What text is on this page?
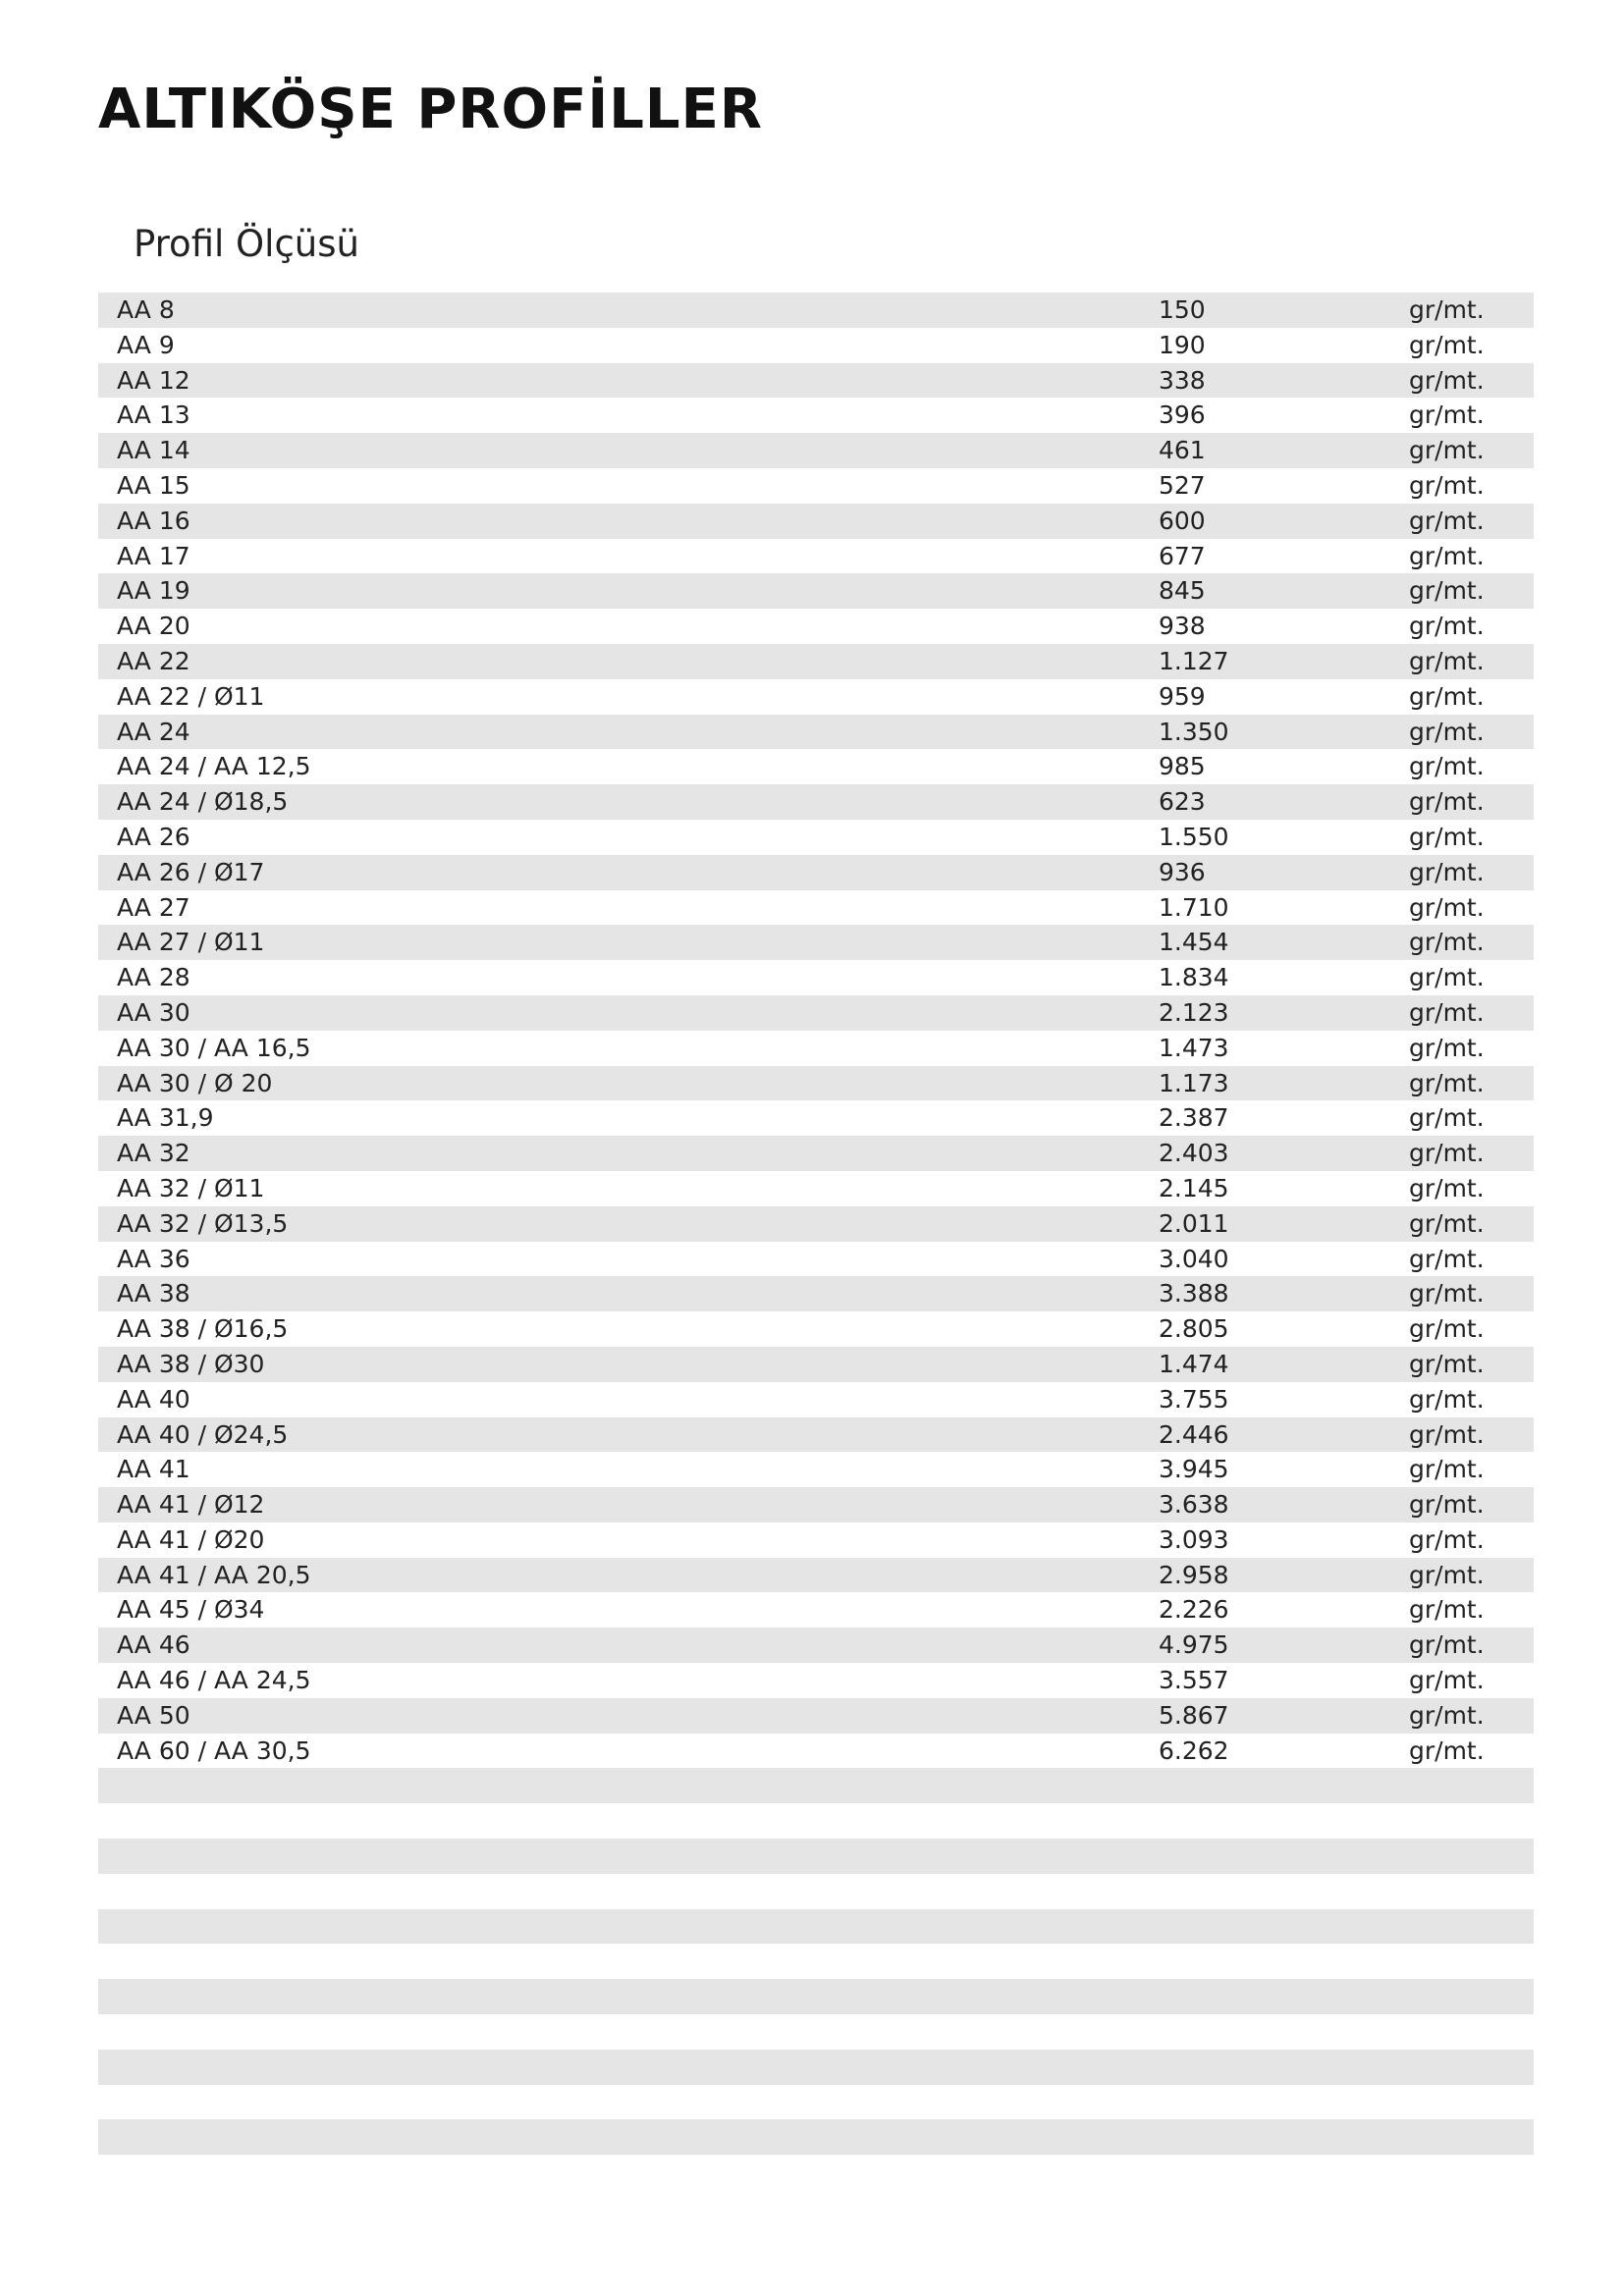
ALTIKÖŞE PROFİLLER
Profil Ölçüsü
AA 8	150	gr/mt.
AA 9	190	gr/mt.
AA 12	338	gr/mt.
AA 13	396	gr/mt.
AA 14	461	gr/mt.
AA 15	527	gr/mt.
AA 16	600	gr/mt.
AA 17	677	gr/mt.
AA 19	845	gr/mt.
AA 20	938	gr/mt.
AA 22	1.127	gr/mt.
AA 22 / Ø11	959	gr/mt.
AA 24	1.350	gr/mt.
AA 24 / AA 12,5	985	gr/mt.
AA 24 / Ø18,5	623	gr/mt.
AA 26	1.550	gr/mt.
AA 26 / Ø17	936	gr/mt.
AA 27	1.710	gr/mt.
AA 27 / Ø11	1.454	gr/mt.
AA 28	1.834	gr/mt.
AA 30	2.123	gr/mt.
AA 30 / AA 16,5	1.473	gr/mt.
AA 30 / Ø 20	1.173	gr/mt.
AA 31,9	2.387	gr/mt.
AA 32	2.403	gr/mt.
AA 32 / Ø11	2.145	gr/mt.
AA 32 / Ø13,5	2.011	gr/mt.
AA 36	3.040	gr/mt.
AA 38	3.388	gr/mt.
AA 38 / Ø16,5	2.805	gr/mt.
AA 38 / Ø30	1.474	gr/mt.
AA 40	3.755	gr/mt.
AA 40 / Ø24,5	2.446	gr/mt.
AA 41	3.945	gr/mt.
AA 41 / Ø12	3.638	gr/mt.
AA 41 / Ø20	3.093	gr/mt.
AA 41 / AA 20,5	2.958	gr/mt.
AA 45 / Ø34	2.226	gr/mt.
AA 46	4.975	gr/mt.
AA 46 / AA 24,5	3.557	gr/mt.
AA 50	5.867	gr/mt.
AA 60 / AA 30,5	6.262	gr/mt.
